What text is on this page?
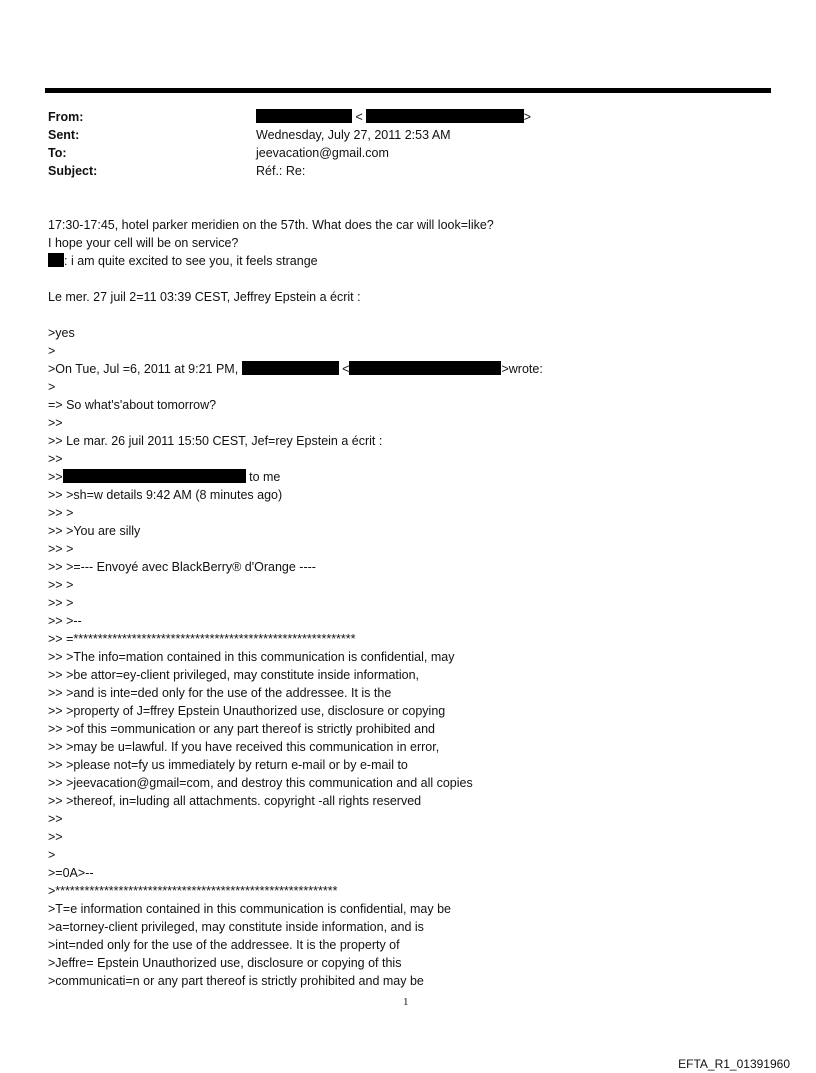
From:	<	>
Sent:	Wednesday, July 27, 2011 2:53 AM
To:	jeevacation@gmail.com
Subject:	Réf.: Re:
17:30-17:45, hotel parker meridien on the 57th. What does the car will look=like?
I hope your cell will be on service?
: i am quite excited to see you, it feels strange
Le mer. 27 juil 2=11 03:39 CEST, Jeffrey Epstein a écrit :
>yes
>
>On Tue, Jul =6, 2011 at 9:21 PM,	<	>wrote:
>
=> So what's'about tomorrow?
>>
>> Le mar. 26 juil 2011 15:50 CEST, Jef=rey Epstein a écrit :
>>
>>	to me
>> >sh=w details 9:42 AM (8 minutes ago)
>> >
>> >You are silly
>> >
>> >=--- Envoyé avec BlackBerry® d'Orange ----
>> >
>> >
>> >--
>> =**********************************************************
>> >The info=mation contained in this communication is confidential, may
>> >be attor=ey-client privileged, may constitute inside information,
>> >and is inte=ded only for the use of the addressee. It is the
>> >property of J=ffrey Epstein Unauthorized use, disclosure or copying
>> >of this =ommunication or any part thereof is strictly prohibited and
>> >may be u=lawful. If you have received this communication in error,
>> >please not=fy us immediately by return e-mail or by e-mail to
>> >jeevacation@gmail=com, and destroy this communication and all copies
>> >thereof, in=luding all attachments. copyright -all rights reserved
>>
>>
>
>=0A>--
>**********************************************************
>T=e information contained in this communication is confidential, may be
>a=torney-client privileged, may constitute inside information, and is
>int=nded only for the use of the addressee. It is the property of
>Jeffre= Epstein Unauthorized use, disclosure or copying of this
>communicati=n or any part thereof is strictly prohibited and may be
1
EFTA_R1_01391960
